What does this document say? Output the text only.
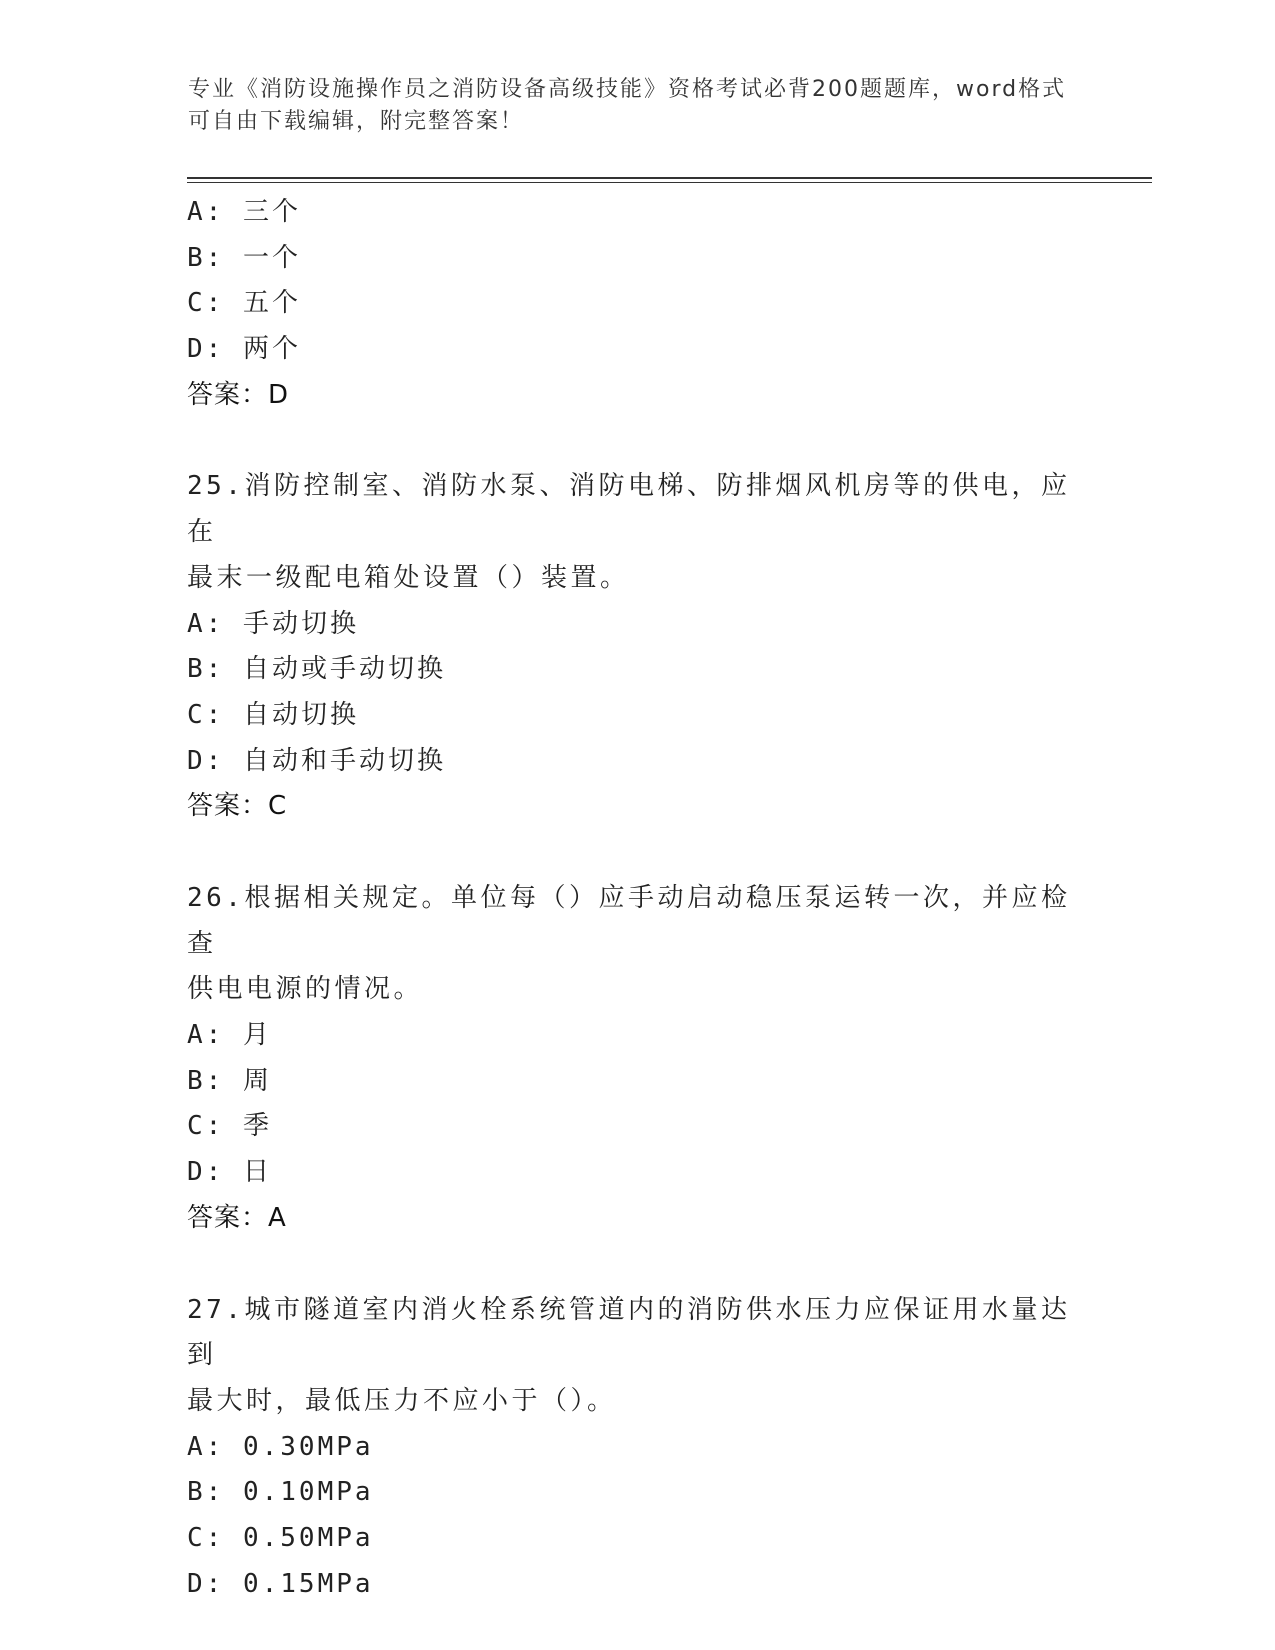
专业《消防设施操作员之消防设备高级技能》资格考试必背200题题库，word格式可自由下载编辑，附完整答案！
A: 三个
B: 一个
C: 五个
D: 两个
答案：D
25.消防控制室、消防水泵、消防电梯、防排烟风机房等的供电，应在
最末一级配电箱处设置（）装置。
A: 手动切换
B: 自动或手动切换
C: 自动切换
D: 自动和手动切换
答案：C
26.根据相关规定。单位每（）应手动启动稳压泵运转一次，并应检查
供电电源的情况。
A: 月
B: 周
C: 季
D: 日
答案：A
27.城市隧道室内消火栓系统管道内的消防供水压力应保证用水量达到
最大时，最低压力不应小于（）。
A: 0.30MPa
B: 0.10MPa
C: 0.50MPa
D: 0.15MPa
